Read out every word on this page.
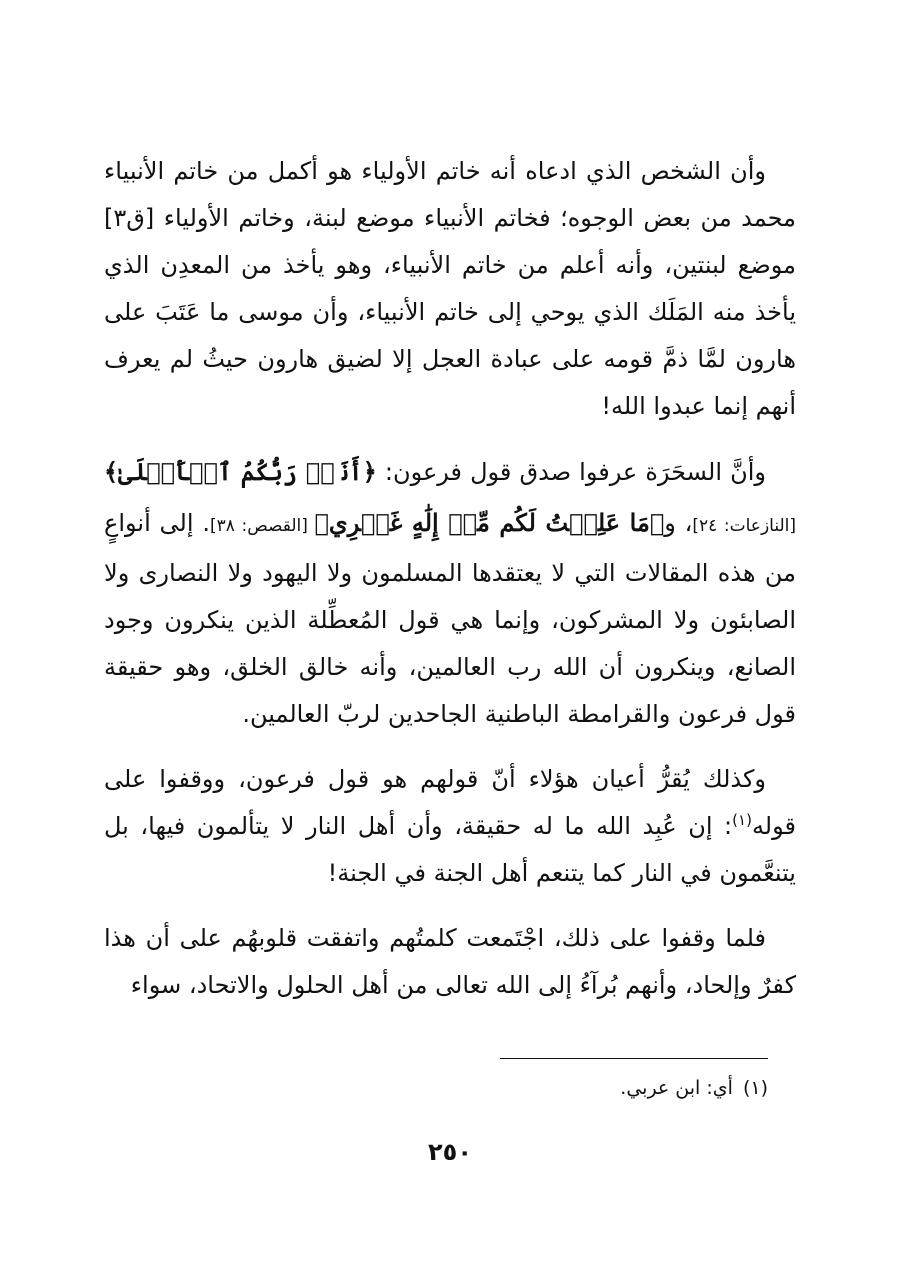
وأن الشخص الذي ادعاه أنه خاتم الأولياء هو أكمل من خاتم الأنبياء محمد من بعض الوجوه؛ فخاتم الأنبياء موضع لبنة، وخاتم الأولياء [ق٣] موضع لبنتين، وأنه أعلم من خاتم الأنبياء، وهو يأخذ من المعدِن الذي يأخذ منه المَلَك الذي يوحي إلى خاتم الأنبياء، وأن موسى ما عَتَبَ على هارون لمَّا ذمَّ قومه على عبادة العجل إلا لضيق هارون حيثُ لم يعرف أنهم إنما عبدوا الله!

وأنَّ السحَرَة عرفوا صدق قول فرعون: ﴿أَنَا۠ رَبُّكُمُ ٱلۡأَعۡلَىٰ﴾ [النازعات: ٢٤]، و﴿مَا عَلِمۡتُ لَكُم مِّنۡ إِلَٰهٍ غَيۡرِي﴾ [القصص: ٣٨]. إلى أنواعٍ من هذه المقالات التي لا يعتقدها المسلمون ولا اليهود ولا النصارى ولا الصابئون ولا المشركون، وإنما هي قول المُعطِّلة الذين ينكرون وجود الصانع، وينكرون أن الله رب العالمين، وأنه خالق الخلق، وهو حقيقة قول فرعون والقرامطة الباطنية الجاحدين لربّ العالمين.

وكذلك يُقرُّ أعيان هؤلاء أنّ قولهم هو قول فرعون، ووقفوا على قوله$^{(١)}$: إن عُبِد الله ما له حقيقة، وأن أهل النار لا يتألمون فيها، بل يتنعَّمون في النار كما يتنعم أهل الجنة في الجنة!

فلما وقفوا على ذلك، اجْتَمعت كلمتُهم واتفقت قلوبهُم على أن هذا كفرٌ وإلحاد، وأنهم بُرآءُ إلى الله تعالى من أهل الحلول والاتحاد، سواء

(١)أي: ابن عربي.
٢٥٠
